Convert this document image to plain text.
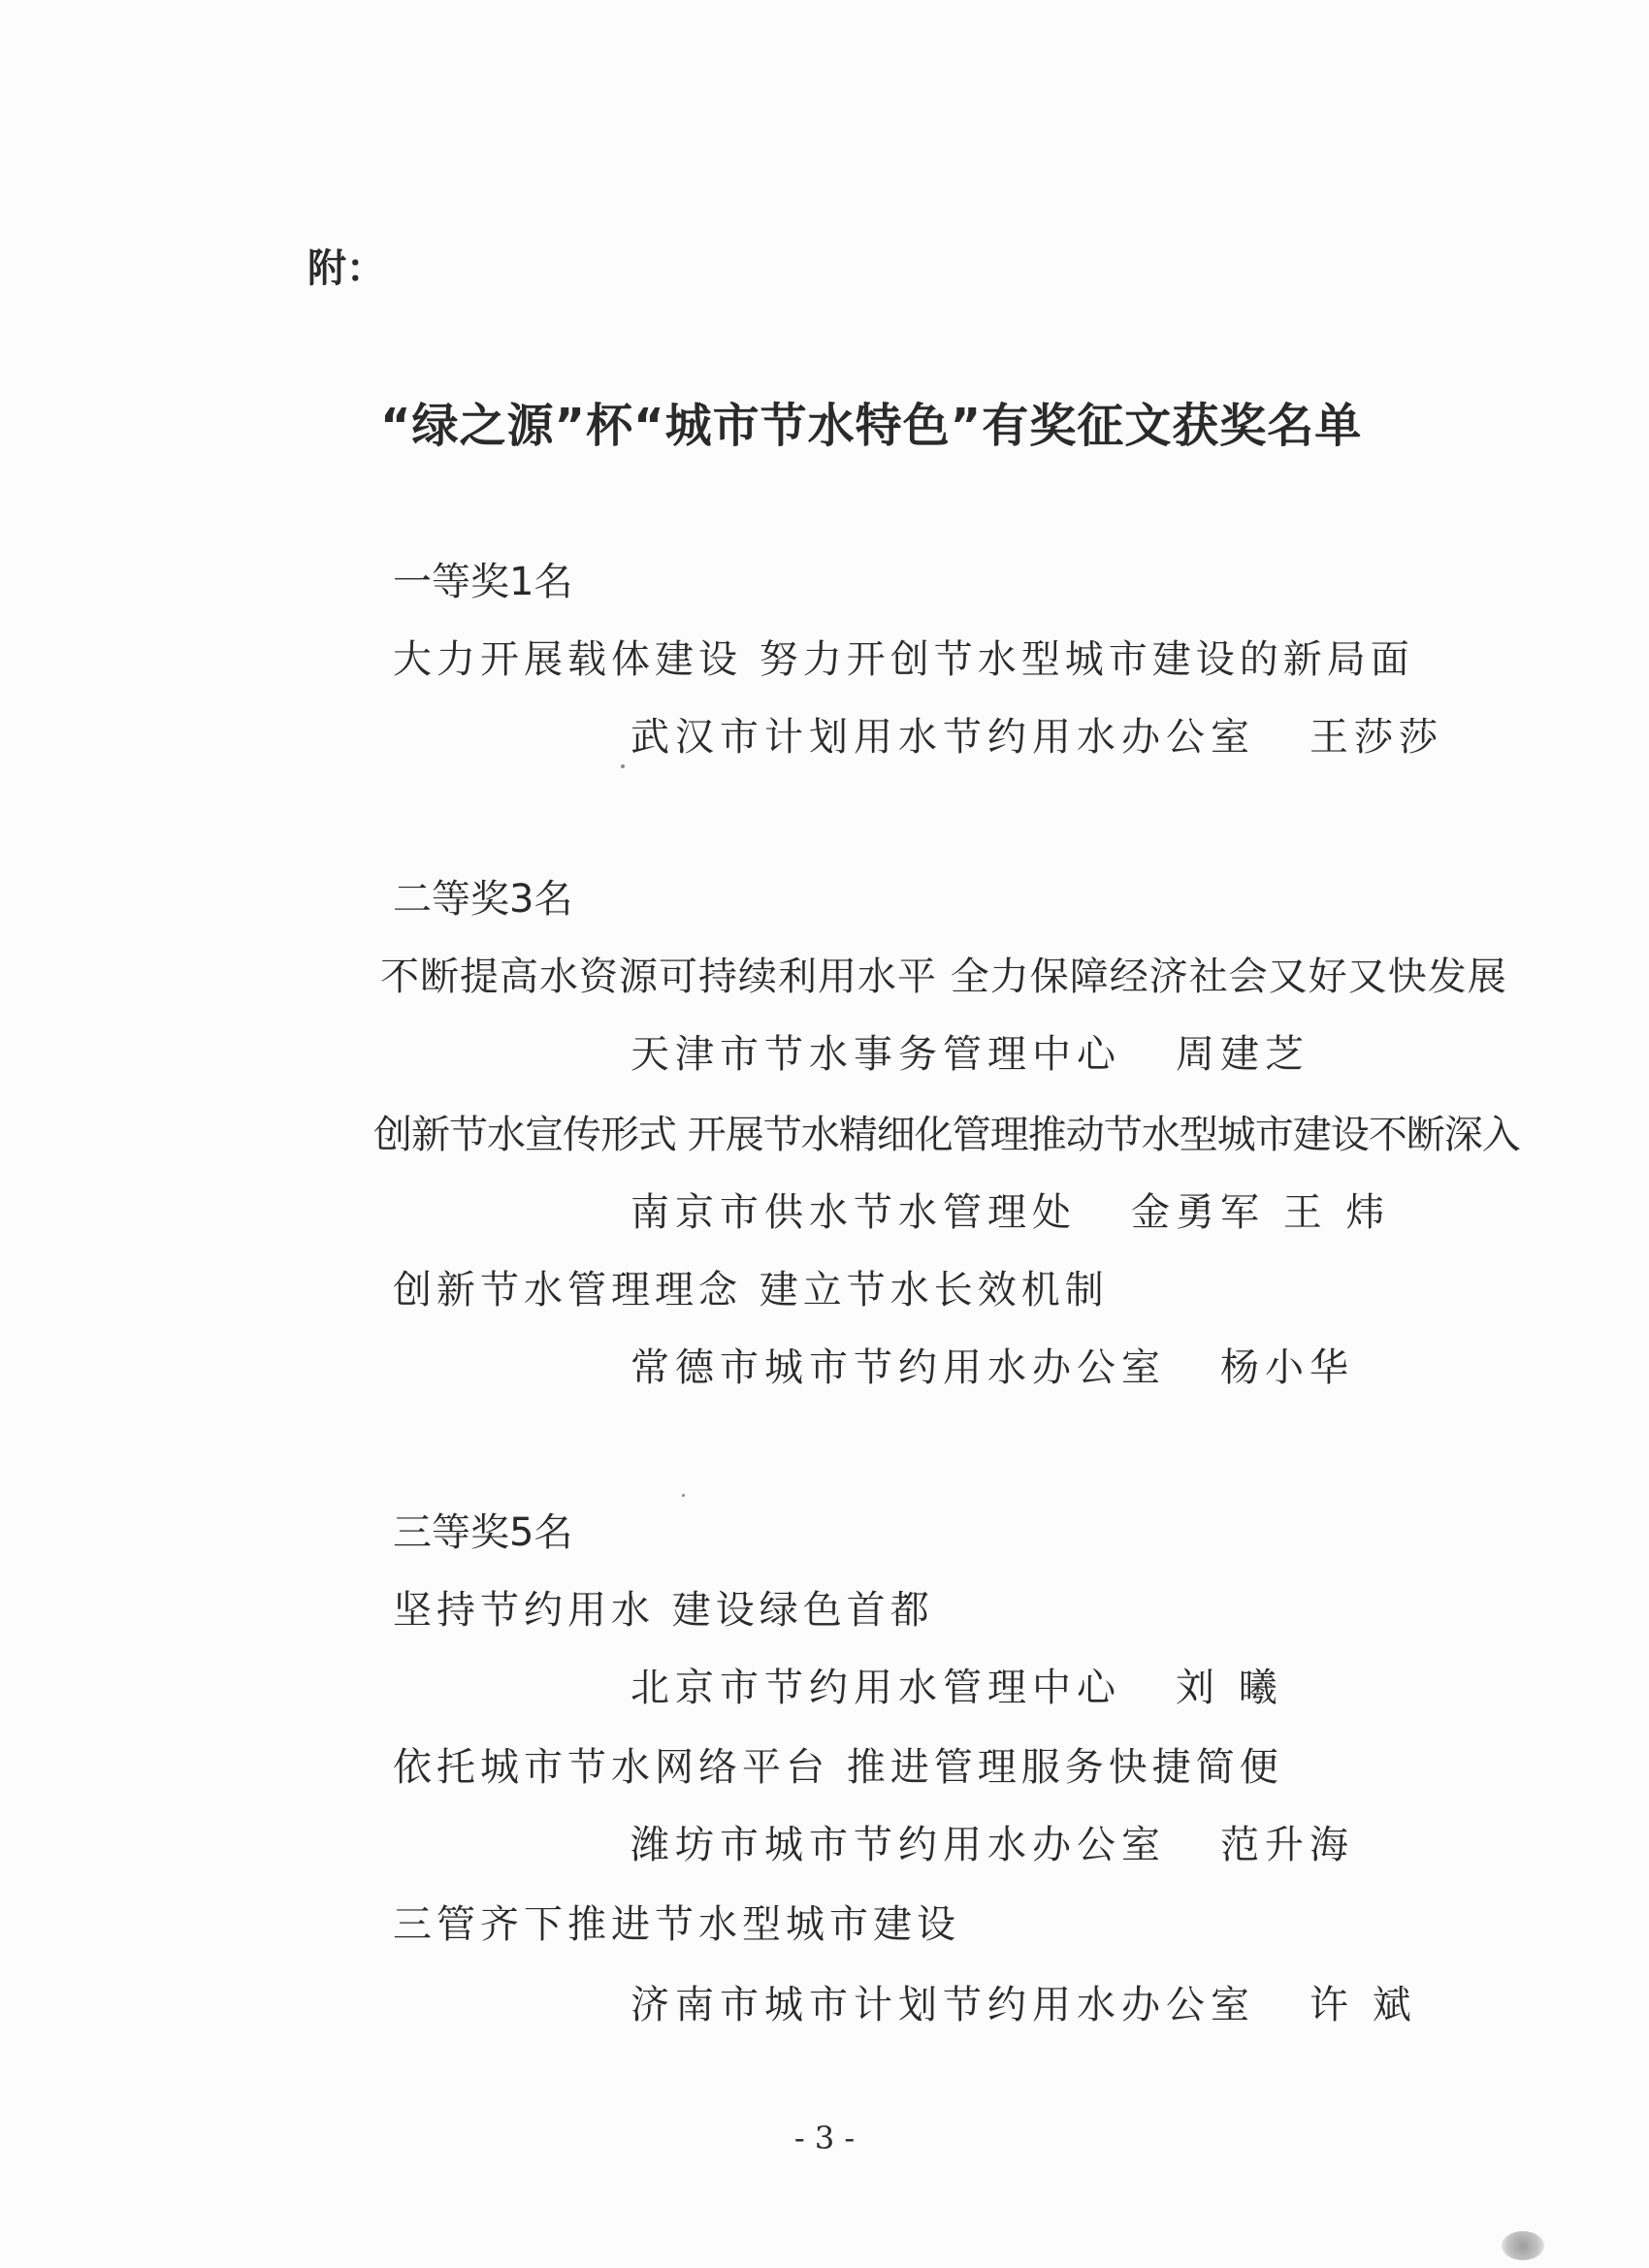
附：
“绿之源”杯“城市节水特色”有奖征文获奖名单
一等奖1名
大力开展载体建设 努力开创节水型城市建设的新局面
武汉市计划用水节约用水办公室 王莎莎
二等奖3名
不断提高水资源可持续利用水平 全力保障经济社会又好又快发展
天津市节水事务管理中心 周建芝
创新节水宣传形式 开展节水精细化管理推动节水型城市建设不断深入
南京市供水节水管理处 金勇军 王 炜
创新节水管理理念 建立节水长效机制
常德市城市节约用水办公室 杨小华
三等奖5名
坚持节约用水 建设绿色首都
北京市节约用水管理中心 刘 曦
依托城市节水网络平台 推进管理服务快捷简便
潍坊市城市节约用水办公室 范升海
三管齐下推进节水型城市建设
济南市城市计划节约用水办公室 许 斌
- 3 -
